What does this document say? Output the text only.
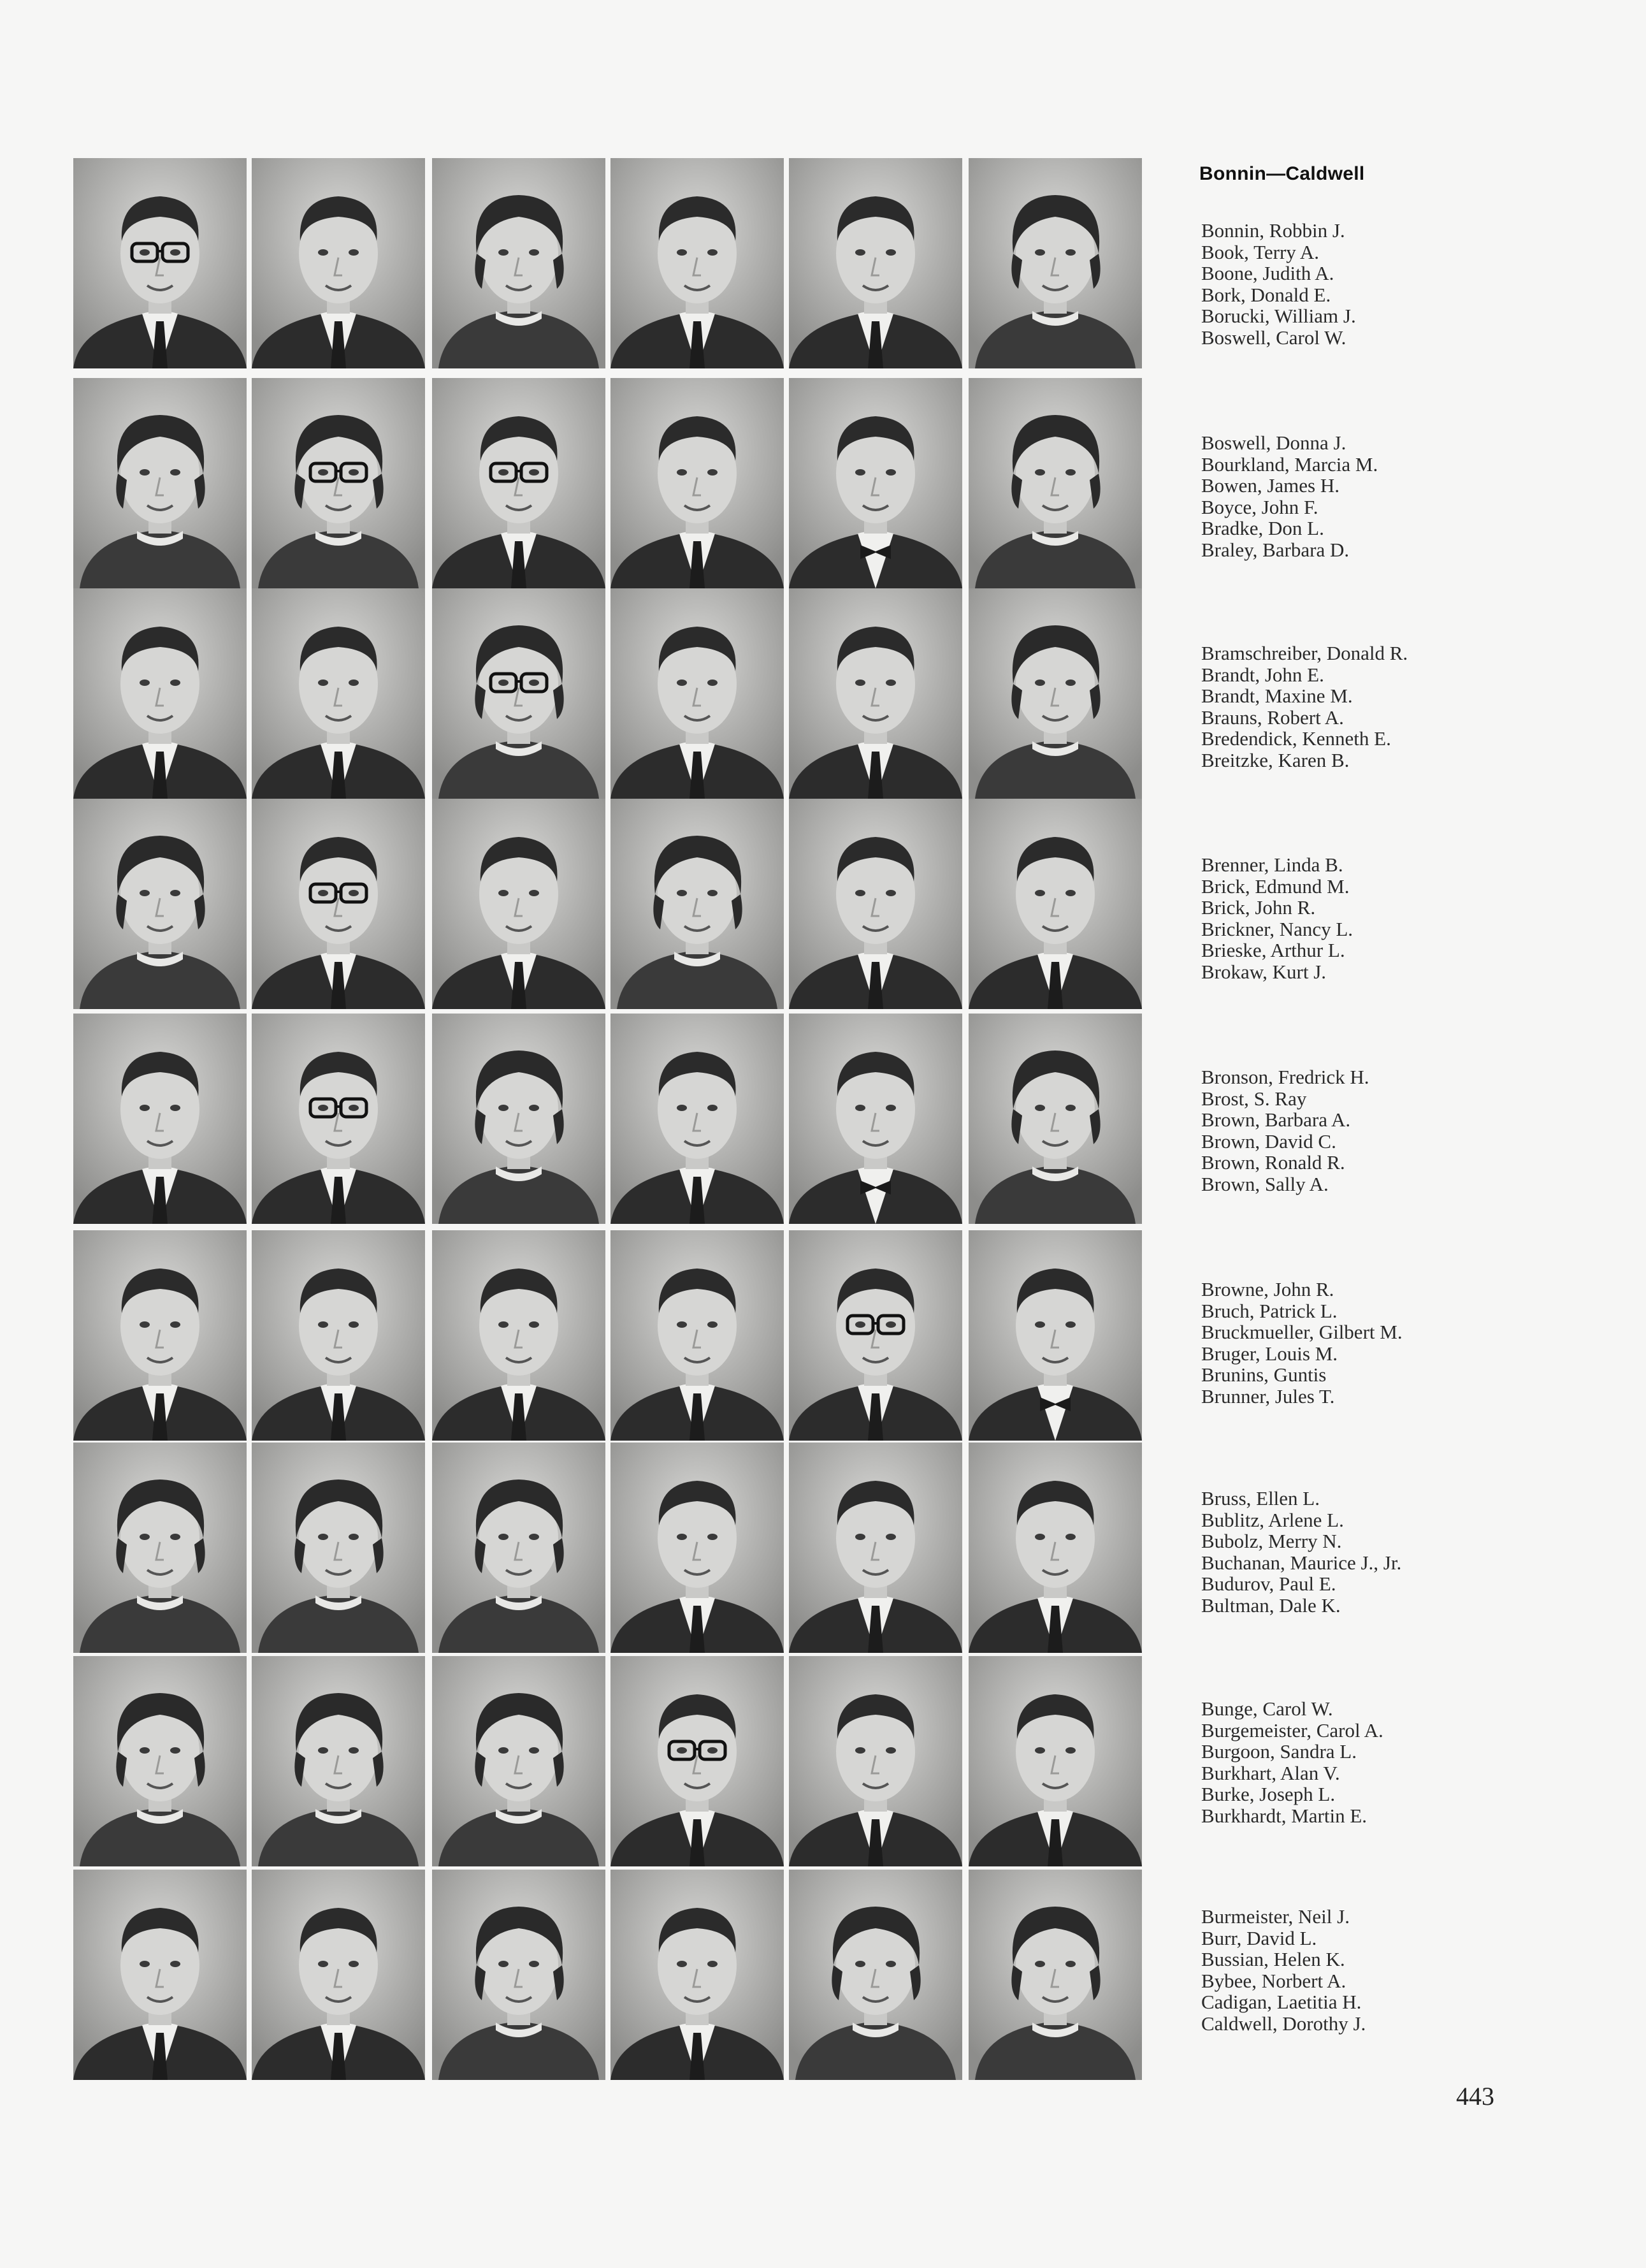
Bonnin—Caldwell
Bonnin, Robbin J.
Book, Terry A.
Boone, Judith A.
Bork, Donald E.
Borucki, William J.
Boswell, Carol W.
Boswell, Donna J.
Bourkland, Marcia M.
Bowen, James H.
Boyce, John F.
Bradke, Don L.
Braley, Barbara D.
Bramschreiber, Donald R.
Brandt, John E.
Brandt, Maxine M.
Brauns, Robert A.
Bredendick, Kenneth E.
Breitzke, Karen B.
Brenner, Linda B.
Brick, Edmund M.
Brick, John R.
Brickner, Nancy L.
Brieske, Arthur L.
Brokaw, Kurt J.
Bronson, Fredrick H.
Brost, S. Ray
Brown, Barbara A.
Brown, David C.
Brown, Ronald R.
Brown, Sally A.
Browne, John R.
Bruch, Patrick L.
Bruckmueller, Gilbert M.
Bruger, Louis M.
Brunins, Guntis
Brunner, Jules T.
Bruss, Ellen L.
Bublitz, Arlene L.
Bubolz, Merry N.
Buchanan, Maurice J., Jr.
Budurov, Paul E.
Bultman, Dale K.
Bunge, Carol W.
Burgemeister, Carol A.
Burgoon, Sandra L.
Burkhart, Alan V.
Burke, Joseph L.
Burkhardt, Martin E.
Burmeister, Neil J.
Burr, David L.
Bussian, Helen K.
Bybee, Norbert A.
Cadigan, Laetitia H.
Caldwell, Dorothy J.
443
